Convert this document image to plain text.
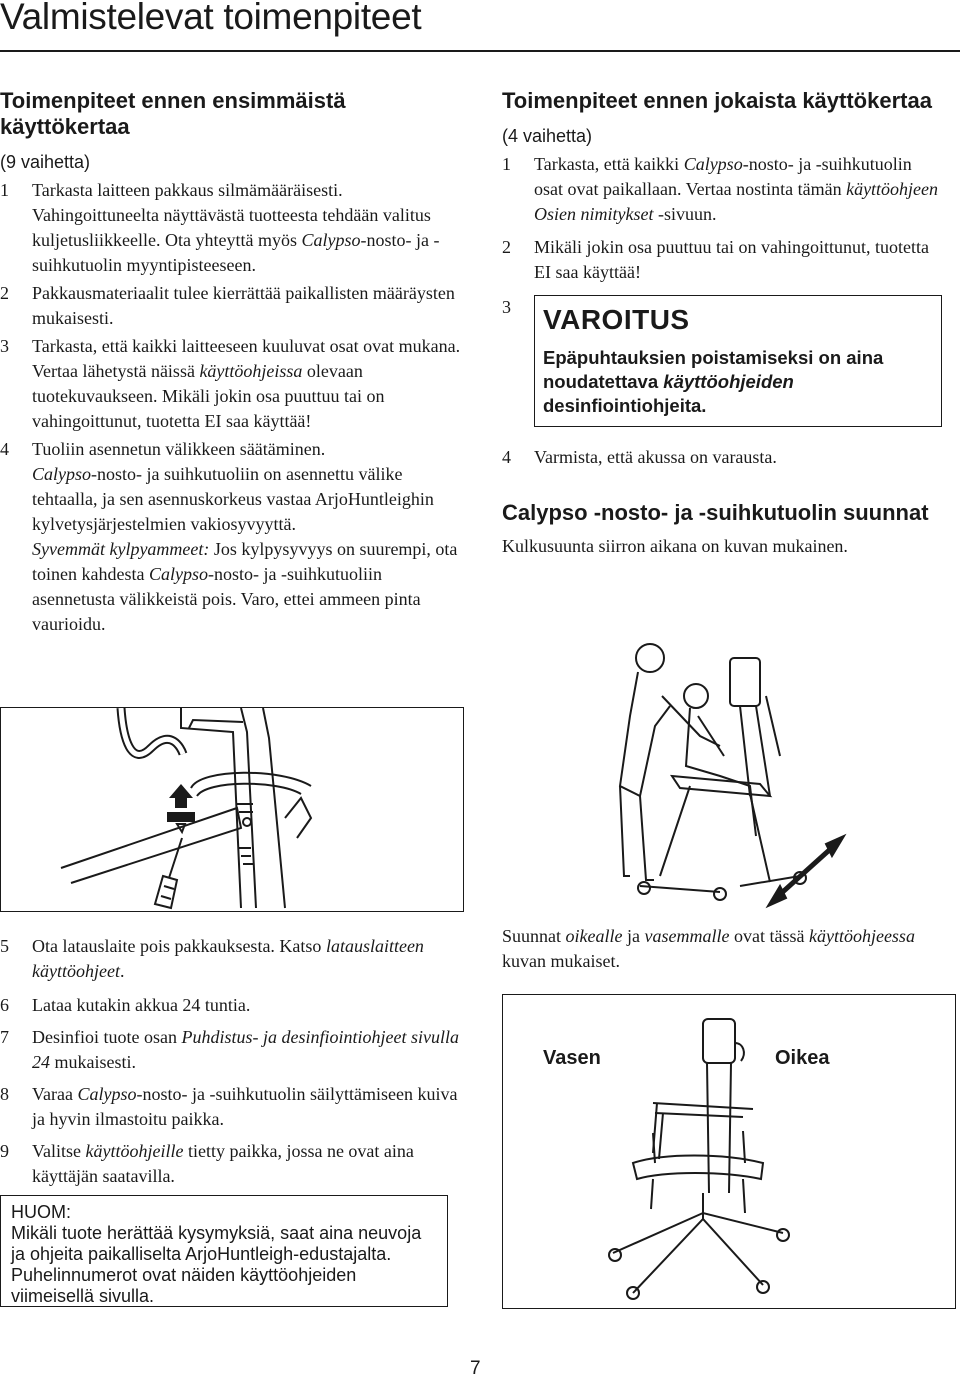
Valmistelevat toimenpiteet
Toimenpiteet ennen ensimmäistä käyttökertaa
(9 vaihetta)
1 Tarkasta laitteen pakkaus silmämääräisesti. Vahingoittuneelta näyttävästä tuotteesta tehdään valitus kuljetusliikkeelle. Ota yhteyttä myös Calypso-nosto- ja -suihkutuolin myyntipisteeseen.
2 Pakkausmateriaalit tulee kierrättää paikallisten määräysten mukaisesti.
3 Tarkasta, että kaikki laitteeseen kuuluvat osat ovat mukana. Vertaa lähetystä näissä käyttöohjeissa olevaan tuotekuvaukseen. Mikäli jokin osa puuttuu tai on vahingoittunut, tuotetta EI saa käyttää!
4 Tuoliin asennetun välikkeen säätäminen.
Calypso-nosto- ja suihkutuoliin on asennettu välike tehtaalla, ja sen asennuskorkeus vastaa ArjoHuntleighin kylvetysjärjestelmien vakiosyvyyttä.
Syvemmät kylpyammeet: Jos kylpysyvyys on suurempi, ota toinen kahdesta Calypso-nosto- ja -suihkutuoliin asennetusta välikkeistä pois. Varo, ettei ammeen pinta vaurioidu.
5 Ota latauslaite pois pakkauksesta. Katso latauslaitteen käyttöohjeet.
6 Lataa kutakin akkua 24 tuntia.
7 Desinfioi tuote osan Puhdistus- ja desinfiointiohjeet sivulla 24 mukaisesti.
8 Varaa Calypso-nosto- ja -suihkutuolin säilyttämiseen kuiva ja hyvin ilmastoitu paikka.
9 Valitse käyttöohjeille tietty paikka, jossa ne ovat aina käyttäjän saatavilla.
HUOM:
Mikäli tuote herättää kysymyksiä, saat aina neuvoja ja ohjeita paikalliselta ArjoHuntleigh-edustajalta. Puhelinnumerot ovat näiden käyttöohjeiden viimeisellä sivulla.
Toimenpiteet ennen jokaista käyttökertaa
(4 vaihetta)
1 Tarkasta, että kaikki Calypso-nosto- ja -suihkutuolin osat ovat paikallaan. Vertaa nostinta tämän käyttöohjeen Osien nimitykset -sivuun.
2 Mikäli jokin osa puuttuu tai on vahingoittunut, tuotetta EI saa käyttää!
3 VAROITUS
Epäpuhtauksien poistamiseksi on aina noudatettava käyttöohjeiden desinfiointiohjeita.
4 Varmista, että akussa on varausta.
Calypso -nosto- ja -suihkutuolin suunnat
Kulkusuunta siirron aikana on kuvan mukainen.
Suunnat oikealle ja vasemmalle ovat tässä käyttöohjeessa kuvan mukaiset.
Vasen	Oikea
7
